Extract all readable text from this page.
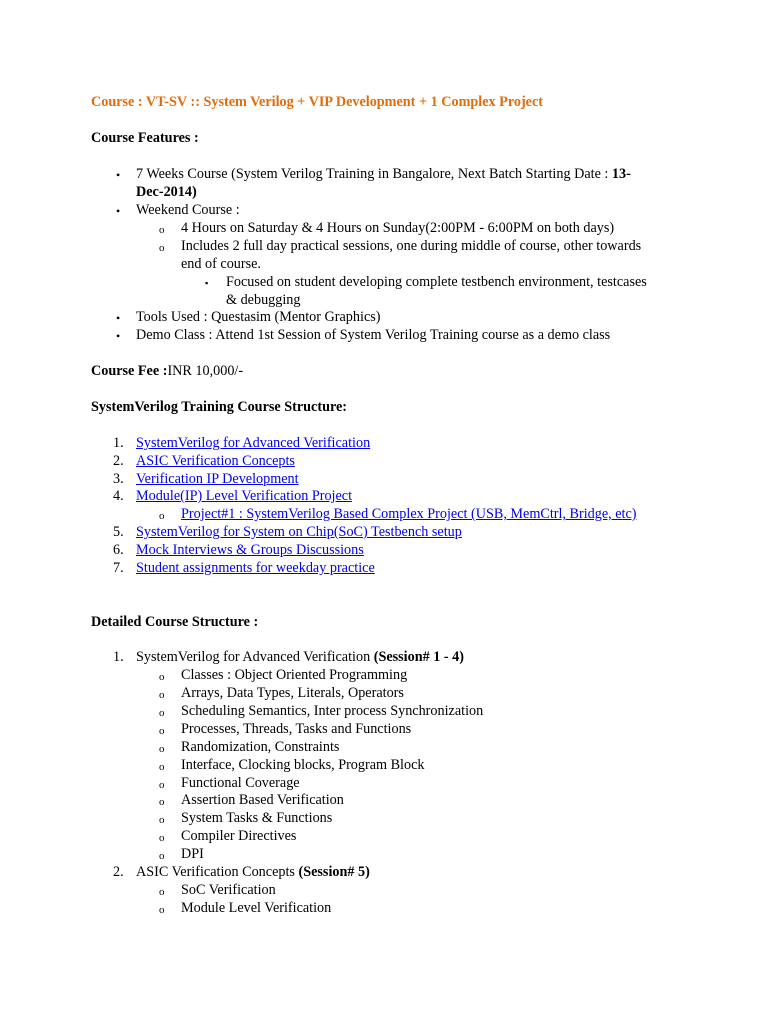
Course : VT-SV :: System Verilog + VIP Development + 1 Complex Project
Course Features :
• 7 Weeks Course (System Verilog Training in Bangalore, Next Batch Starting Date : 13-
Dec-2014)
• Weekend Course :
o 4 Hours on Saturday & 4 Hours on Sunday(2:00PM - 6:00PM on both days)
o Includes 2 full day practical sessions, one during middle of course, other towards
end of course.
▪ Focused on student developing complete testbench environment, testcases
& debugging
• Tools Used : Questasim (Mentor Graphics)
• Demo Class : Attend 1st Session of System Verilog Training course as a demo class
Course Fee :INR 10,000/-
SystemVerilog Training Course Structure:
1. SystemVerilog for Advanced Verification
2. ASIC Verification Concepts
3. Verification IP Development
4. Module(IP) Level Verification Project
o Project#1 : SystemVerilog Based Complex Project (USB, MemCtrl, Bridge, etc)
5. SystemVerilog for System on Chip(SoC) Testbench setup
6. Mock Interviews & Groups Discussions
7. Student assignments for weekday practice
Detailed Course Structure :
1. SystemVerilog for Advanced Verification (Session# 1 - 4)
o Classes : Object Oriented Programming
o Arrays, Data Types, Literals, Operators
o Scheduling Semantics, Inter process Synchronization
o Processes, Threads, Tasks and Functions
o Randomization, Constraints
o Interface, Clocking blocks, Program Block
o Functional Coverage
o Assertion Based Verification
o System Tasks & Functions
o Compiler Directives
o DPI
2. ASIC Verification Concepts (Session# 5)
o SoC Verification
o Module Level Verification
